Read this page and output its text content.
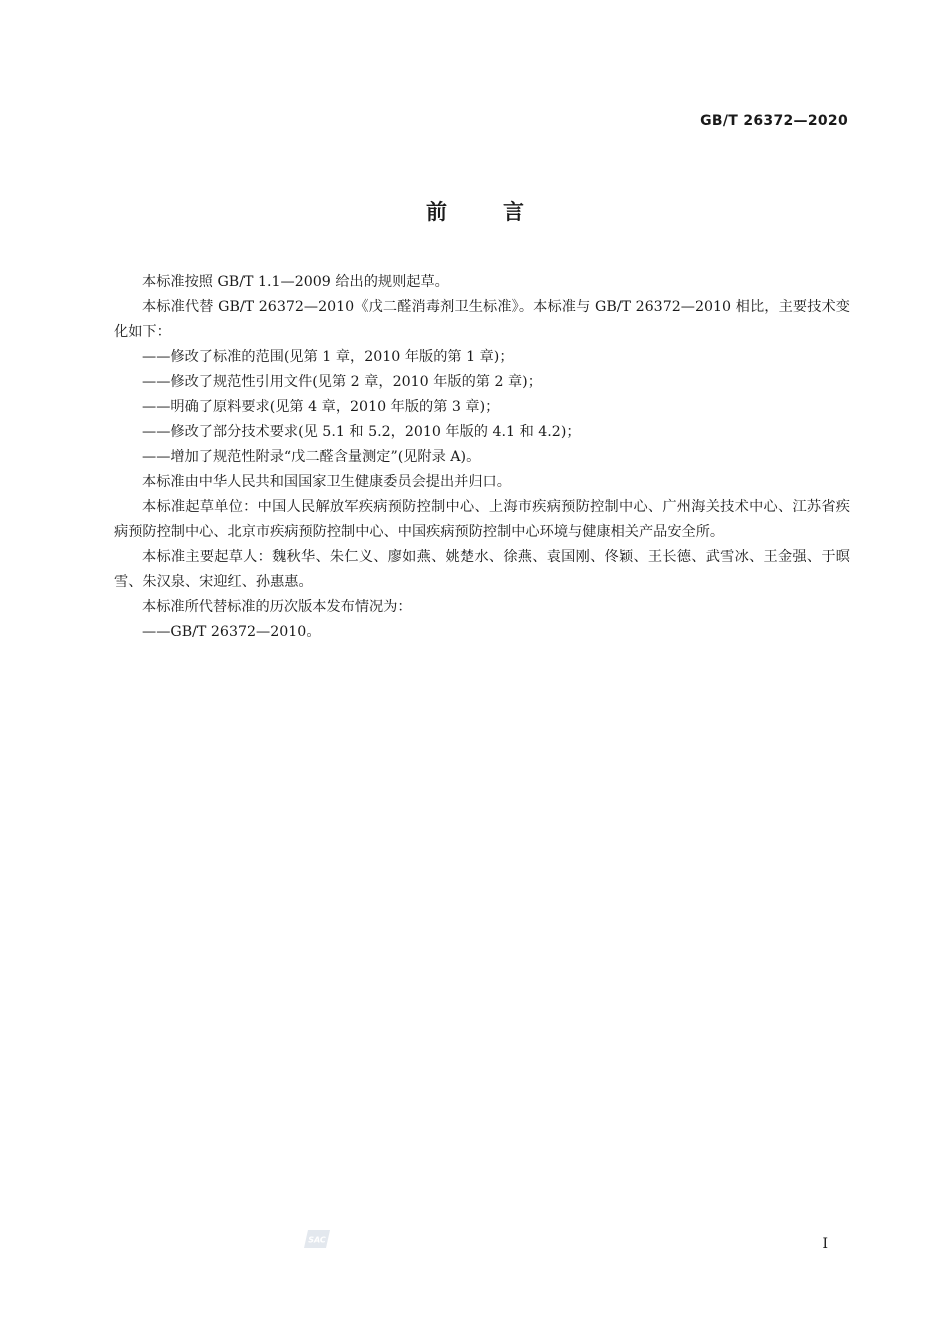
GB/T 26372—2020
前	言

本标准按照 GB/T 1.1—2009 给出的规则起草。

本标准代替 GB/T 26372—2010《戊二醛消毒剂卫生标准》。本标准与 GB/T 26372—2010 相比，主要技术变化如下：

——修改了标准的范围(见第 1 章，2010 年版的第 1 章)；

——修改了规范性引用文件(见第 2 章，2010 年版的第 2 章)；

——明确了原料要求(见第 4 章，2010 年版的第 3 章)；

——修改了部分技术要求(见 5.1 和 5.2，2010 年版的 4.1 和 4.2)；

——增加了规范性附录“戊二醛含量测定”(见附录 A)。

本标准由中华人民共和国国家卫生健康委员会提出并归口。

本标准起草单位：中国人民解放军疾病预防控制中心、上海市疾病预防控制中心、广州海关技术中心、江苏省疾病预防控制中心、北京市疾病预防控制中心、中国疾病预防控制中心环境与健康相关产品安全所。

本标准主要起草人：魏秋华、朱仁义、廖如燕、姚楚水、徐燕、袁国刚、佟颖、王长德、武雪冰、王金强、于暝雪、朱汉泉、宋迎红、孙惠惠。

本标准所代替标准的历次版本发布情况为：

——GB/T 26372—2010。

SAC	I
